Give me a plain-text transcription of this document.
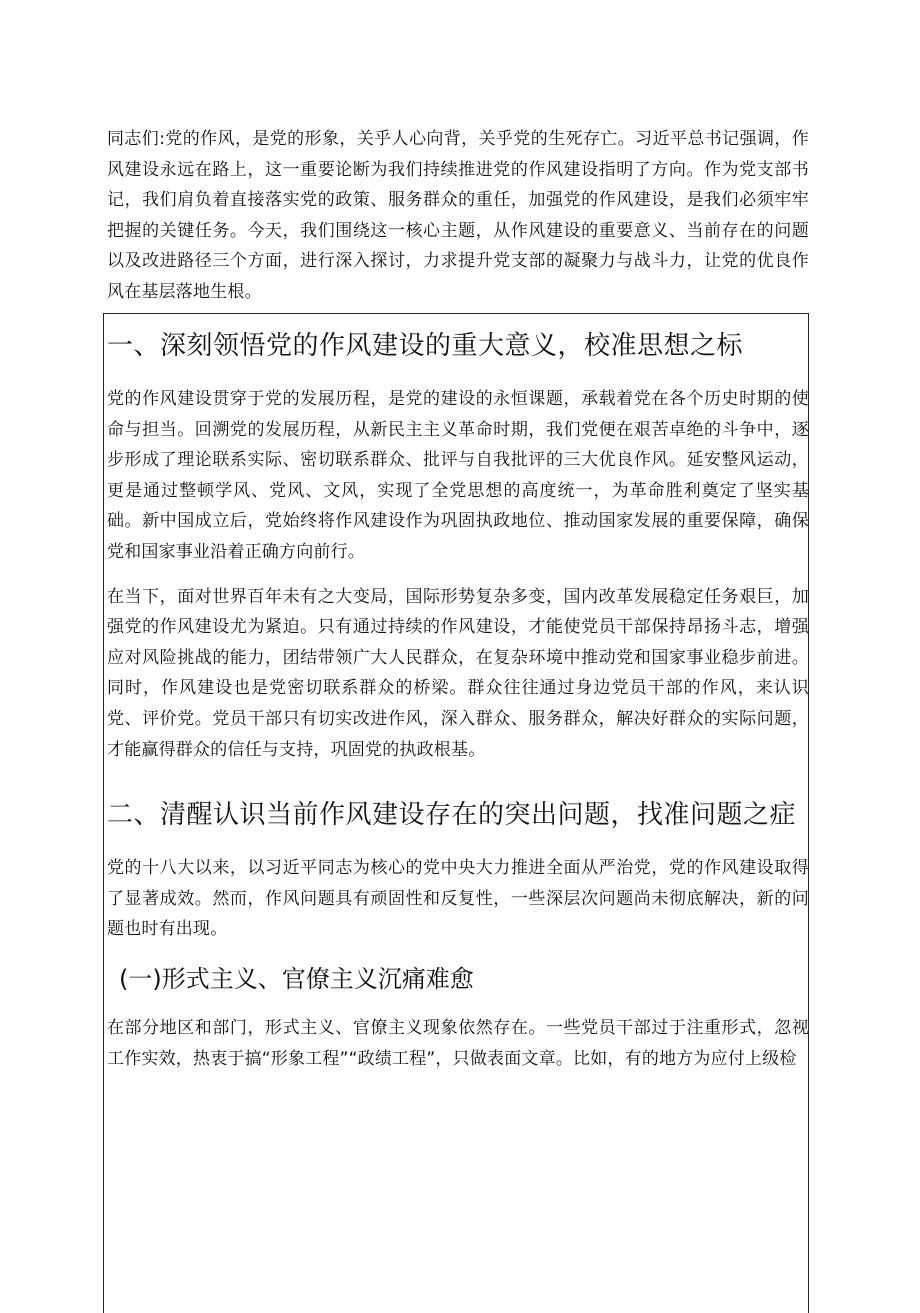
同志们:党的作风，是党的形象，关乎人心向背，关乎党的生死存亡。习近平总书记强调，作风建设永远在路上，这一重要论断为我们持续推进党的作风建设指明了方向。作为党支部书记，我们肩负着直接落实党的政策、服务群众的重任，加强党的作风建设，是我们必须牢牢把握的关键任务。今天，我们围绕这一核心主题，从作风建设的重要意义、当前存在的问题以及改进路径三个方面，进行深入探讨，力求提升党支部的凝聚力与战斗力，让党的优良作风在基层落地生根。

一、深刻领悟党的作风建设的重大意义，校准思想之标

党的作风建设贯穿于党的发展历程，是党的建设的永恒课题，承载着党在各个历史时期的使命与担当。回溯党的发展历程，从新民主主义革命时期，我们党便在艰苦卓绝的斗争中，逐步形成了理论联系实际、密切联系群众、批评与自我批评的三大优良作风。延安整风运动，更是通过整顿学风、党风、文风，实现了全党思想的高度统一，为革命胜利奠定了坚实基础。新中国成立后，党始终将作风建设作为巩固执政地位、推动国家发展的重要保障，确保党和国家事业沿着正确方向前行。

在当下，面对世界百年未有之大变局，国际形势复杂多变，国内改革发展稳定任务艰巨，加强党的作风建设尤为紧迫。只有通过持续的作风建设，才能使党员干部保持昂扬斗志，增强应对风险挑战的能力，团结带领广大人民群众，在复杂环境中推动党和国家事业稳步前进。同时，作风建设也是党密切联系群众的桥梁。群众往往通过身边党员干部的作风，来认识党、评价党。党员干部只有切实改进作风，深入群众、服务群众，解决好群众的实际问题，才能赢得群众的信任与支持，巩固党的执政根基。

二、清醒认识当前作风建设存在的突出问题，找准问题之症

党的十八大以来，以习近平同志为核心的党中央大力推进全面从严治党，党的作风建设取得了显著成效。然而，作风问题具有顽固性和反复性，一些深层次问题尚未彻底解决，新的问题也时有出现。

(一)形式主义、官僚主义沉痛难愈

在部分地区和部门，形式主义、官僚主义现象依然存在。一些党员干部过于注重形式，忽视工作实效，热衷于搞“形象工程”“政绩工程”，只做表面文章。比如，有的地方为应付上级检
